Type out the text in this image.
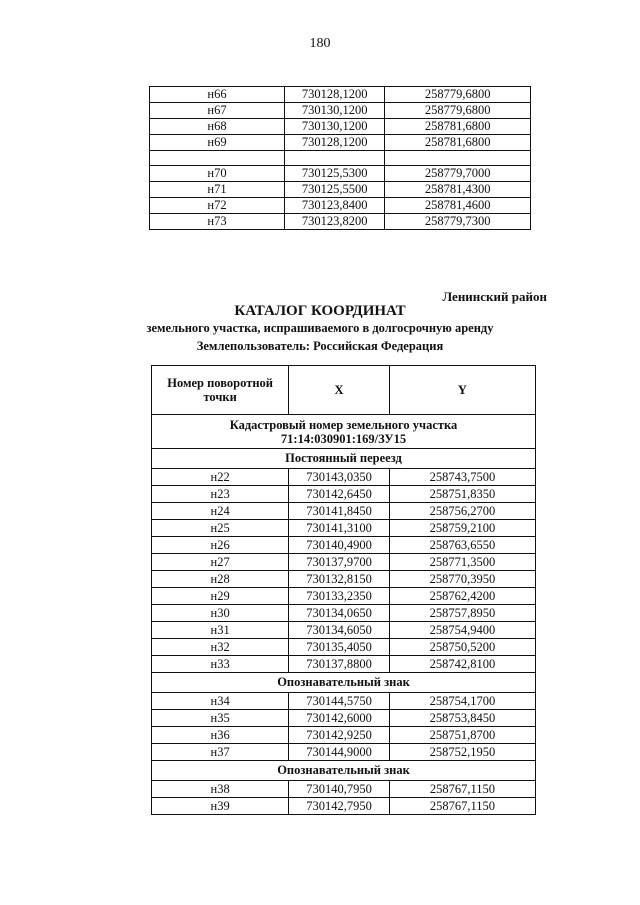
180
н66	730128,1200	258779,6800
н67	730130,1200	258779,6800
н68	730130,1200	258781,6800
н69	730128,1200	258781,6800

н70	730125,5300	258779,7000
н71	730125,5500	258781,4300
н72	730123,8400	258781,4600
н73	730123,8200	258779,7300
Ленинский район
КАТАЛОГ КООРДИНАТ
земельного участка, испрашиваемого в долгосрочную аренду
Землепользователь: Российская Федерация
Номер поворотной точки	X	Y
Кадастровый номер земельного участка
71:14:030901:169/ЗУ15		
Постоянный переезд		
н22	730143,0350	258743,7500
н23	730142,6450	258751,8350
н24	730141,8450	258756,2700
н25	730141,3100	258759,2100
н26	730140,4900	258763,6550
н27	730137,9700	258771,3500
н28	730132,8150	258770,3950
н29	730133,2350	258762,4200
н30	730134,0650	258757,8950
н31	730134,6050	258754,9400
н32	730135,4050	258750,5200
н33	730137,8800	258742,8100
Опознавательный знак		
н34	730144,5750	258754,1700
н35	730142,6000	258753,8450
н36	730142,9250	258751,8700
н37	730144,9000	258752,1950
Опознавательный знак		
н38	730140,7950	258767,1150
н39	730142,7950	258767,1150
